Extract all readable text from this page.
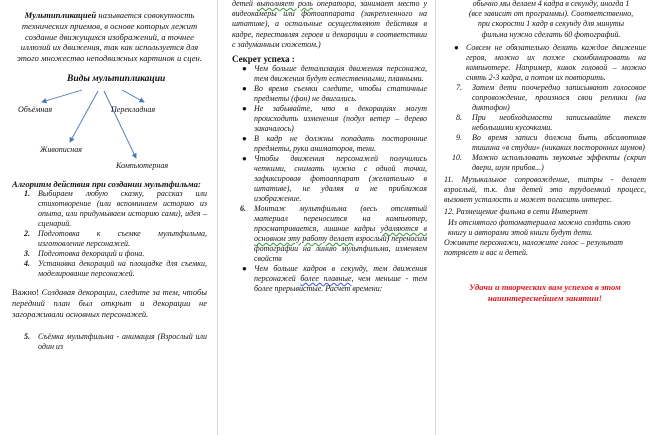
Мультипликацией называется совокупность технических приемов, в основе которых лежит создание движущихся изображений, а точнее иллюзий их движения, так как используется для этого множество неподвижных картинок и сцен.

Виды мультипликации
Объёмная	Перекладная
Живописная
Компьютерная

Алгоритм действия при создании мультфильма:

1. Выбираем любую сказку, рассказ или стихотворение (или вспоминаем историю из опыта, или придумываем историю сами), идея – сценарий.
2. Подготовка к съемке мультфильма, изготовление персонажей.
3. Подготовка декораций и фона.
4. Установка декораций на площадке для съемки, моделирование персонажей.

Важно! Создавая декорации, следите за тем, чтобы передний план был открыт и декорации не загораживали основных персонажей.

5. Съёмка мультфильма - анимация (Взрослый или один из

детей выполняет роль оператора, занимает место у видеокамеры или фотоаппарата (закрепленного на штативе), а остальные осуществляют действия в кадре, переставляя героев и декорации в соответствии с задуманным сюжетом.)

Секрет успеха :

● Чем больше детализация движения персонажа, тем движения будут естественными, плавными.
● Во время съемки следите, чтобы статичные предметы (фон) не двигались.
● Не забывайте, что в декорациях могут происходить изменения (подул ветер – дерево закачалось)
● В кадр не должны попадать посторонние предметы, руки аниматоров, тени.
● Чтобы движения персонажей получились четкими, снимать нужно с одной точки, зафиксировав фотоаппарат (желательно в штативе), не удаляя и не приближая изображение.
6. Монтаж мультфильма (весь отснятый материал переносится на компьютер, просматривается, лишние кадры удаляются в основном эту работу делает взрослый) переносим фотографии на линию мультфильма, изменяем свойств
● Чем больше кадров в секунду, тем движения персонажей более плавные, чем меньше - тем более прерывистые. Расчет времени:

обычно мы делаем 4 кадра в секунду, иногда 1 (все зависит от программы). Соответственно, при скорости 1 кадр в секунду для минуты фильма нужно сделать 60 фотографий.

● Совсем не обязательно делать каждое движение героя, можно их позже скомбинировать на компьютере. Например, кивок головой – можно снять 2-3 кадра, а потом их повторить.
7. Затем дети поочередно записывают голосовое сопровождение, произнося свои реплики (на диктофон)
8. При необходимости записывайте текст небольшими кусочками.
9. Во время записи должна быть абсолютная тишина «в студии» (никаких посторонних шумов)
10. Можно использовать звуковые эффекты (скрип двери, шум прибоя...)

11. Музыкальное сопровождение, титры - делает взрослый, т.к. для детей это трудоемкий процесс, вызовет усталость и может погасить интерес.

12. Размещение фильма в сети Интернет

Из отснятого фотоматериала можно создать свою книгу и авторами этой книги будут дети.

Оживите персонажи, наложите голос – результат потрясет и вас и детей.

Удачи и творческих вам успехов в этом наиинтереснейшем занятии!
